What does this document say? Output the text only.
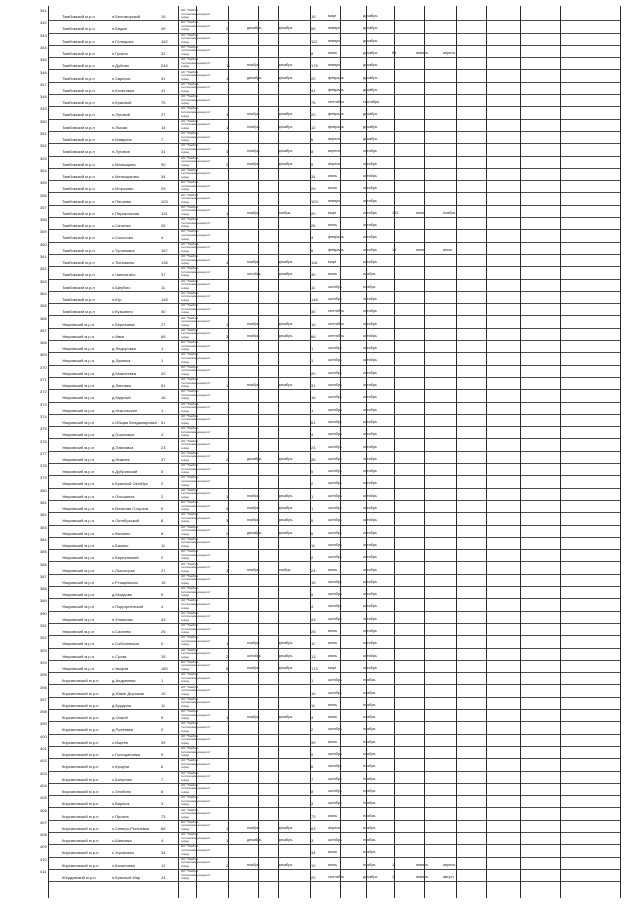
341
Тамбовский м.р-н	п.Беломорский	19
АО "Тамбов
теплокоммунэнерго"
город	19	март	декабрь
342
Тамбовский м.р-н	п.Бидин	49
АО "Тамбов
теплокоммунэнерго"
город	2	декабрь	декабрь	55	январь	декабрь
343
Тамбовский м.р-н	п.Голицына	162
АО "Тамбов
теплокоммунэнерго"
город	112	январь	декабрь
344
Тамбовский м.р-н	п.Гусино	32
АО "Тамбов
теплокоммунэнерго"
город	8	июнь	декабрь	84	январь	апрель
345
Тамбовский м.р-н	п.Дубово	244
АО "Тамбов
теплокоммунэнерго"
город	11	ноябрь	декабрь	176	январь	декабрь
346
Тамбовский м.р-н	п.Заречье	31
АО "Тамбов
теплокоммунэнерго"
город	1	декабрь	декабрь	22	февраль	декабрь
347
Тамбовский м.р-н	п.Кочетовка	41
АО "Тамбов
теплокоммунэнерго"
город	41	февраль	декабрь
348
Тамбовский м.р-н	п.Красный	75
АО "Тамбов
теплокоммунэнерго"
город	75	сентябрь	сентябрь
349
Тамбовский м.р-н	п.Луговой	27
АО "Тамбов
теплокоммунэнерго"
город	3	ноябрь	декабрь	20	февраль	декабрь
350
Тамбовский м.р-н	п.Лысая	14
АО "Тамбов
теплокоммунэнерго"
город	1	ноябрь	декабрь	12	февраль	декабрь
351
Тамбовский м.р-н	п.Маврино	7
АО "Тамбов
теплокоммунэнерго"
город	6	апрель	декабрь
352
Тамбовский м.р-н	п.Луговое	31
АО "Тамбов
теплокоммунэнерго"
город	3	ноябрь	декабрь	8	апрель	октябрь
353
Тамбовский м.р-н	с.Малыщево	90
АО "Тамбов
теплокоммунэнерго"
город	2	ноябрь	декабрь	9	апрель	октябрь
354
Тамбовский м.р-н	с.Меньщиково	34
АО "Тамбов
теплокоммунэнерго"
город	34	июль	октябрь
355
Тамбовский м.р-н	с.Морозово	29
АО "Тамбов
теплокоммунэнерго"
город	29	июль	октябрь
356
Тамбовский м.р-н	п.Пичаево	103
АО "Тамбов
теплокоммунэнерго"
город	103	январь	октябрь
357
Тамбовский м.р-н	с.Перикопская	114
АО "Тамбов
теплокоммунэнерго"
город	1	ноябрь	ноябрь	20	март	октябрь	163	июль	ноябрь
358
Тамбовский м.р-н	с.Сатинка	26
АО "Тамбов
теплокоммунэнерго"
город	26	июль	октябрь
359
Тамбовский м.р-н	с.Соколово	4
АО "Тамбов
теплокоммунэнерго"
город	4	февраль	октябрь
360
Тамбовский м.р-н	с.Тулиновка	167
АО "Тамбов
теплокоммунэнерго"
город	6	февраль	октябрь	16	июль	июль
361
Тамбовский м.р-н	с.Тюльмино	136
АО "Тамбов
теплокоммунэнерго"
город	4	ноябрь	декабрь	116	март	октябрь
362
Тамбовский м.р-н	с.Чаплыгино	37
АО "Тамбов
теплокоммунэнерго"
город	октябрь	декабрь	30	июнь	ноябрь
363
Тамбовский м.р-н	с.Щербач	11
АО "Тамбов
теплокоммунэнерго"
город	11	октябрь	ноябрь
364
Тамбовский м.р-н	п.Юр	148
АО "Тамбов
теплокоммунэнерго"
город	148	октябрь	октябрь
365
Тамбовский м.р-н	с.Кузьмино	30
АО "Тамбов
теплокоммунэнерго"
город	30	сентябрь	октябрь
366
Уваровский м.р-н	с.Березовка	27
АО "Тамбов
теплокоммунэнерго"
город	1	ноябрь	декабрь	10	сентябрь	октябрь
367
Уваровский м.р-н	с.Ивки	66
АО "Тамбов
теплокоммунэнерго"
город	3	ноябрь	декабрь	66	сентябрь	октябрь
368
Уваровский м.р-н	д.Федоровка	1
АО "Тамбов
теплокоммунэнерго"
город	1	октябрь	октябрь
369
Уваровский м.р-н	д.Лукинка	1
АО "Тамбов
теплокоммунэнерго"
город	1	октябрь	октябрь
370
Уваровский м.р-н	д.Моисеевка	20
АО "Тамбов
теплокоммунэнерго"
город	20	октябрь	октябрь
371
Уваровский м.р-н	д.Липовка	61
АО "Тамбов
теплокоммунэнерго"
город	1	ноябрь	декабрь	31	октябрь	октябрь
372
Уваровский м.р-н	д.Мирный	16
АО "Тамбов
теплокоммунэнерго"
город	16	октябрь	октябрь
373
Уваровский м.р-н	д.Никольское	1
АО "Тамбов
теплокоммунэнерго"
город	1	октябрь	октябрь
374
Уваровский м.р-н	с.Общая Владимировка 61
АО "Тамбов
теплокоммунэнерго"
город	61	октябрь	октябрь
375
Уваровский м.р-н	д.Грязновка	4
АО "Тамбов
теплокоммунэнерго"
город	4	октябрь	октябрь
376
Уваровский м.р-н	д.Павловка	23
АО "Тамбов
теплокоммунэнерго"
город	23	октябрь	октябрь
377
Уваровский м.р-н	д.Нижнее	37
АО "Тамбов
теплокоммунэнерго"
город	2	декабрь	декабрь	35	октябрь	октябрь
378
Уваровский м.р-н	п.Дубровский	5
АО "Тамбов
теплокоммунэнерго"
город	5	октябрь	октябрь
379
Уваровский м.р-н	п.Красный Октябрь	2
АО "Тамбов
теплокоммунэнерго"
город	2	октябрь	октябрь
380
Уваровский м.р-н	с.Ольшанка	2
АО "Тамбов
теплокоммунэнерго"
город	1	ноябрь	декабрь	1	октябрь	октябрь
381
Уваровский м.р-н	п.Вольная Сторона	5
АО "Тамбов
теплокоммунэнерго"
город	4	ноябрь	декабрь	1	октябрь	октябрь
382
Уваровский м.р-н	п.Октябрьский	8
АО "Тамбов
теплокоммунэнерго"
город	3	ноябрь	декабрь	5	октябрь	октябрь
383
Уваровский м.р-н	с.Вячкино	8
АО "Тамбов
теплокоммунэнерго"
город	2	декабрь	декабрь	6	октябрь	октябрь
384
Уваровский м.р-н	с.Бакино	11
АО "Тамбов
теплокоммунэнерго"
город	11	октябрь	октябрь
385
Уваровский м.р-н	с.Березовский	2
АО "Тамбов
теплокоммунэнерго"
город	2	октябрь	октябрь
386
Уваровский м.р-н	с.Лысогорье	27
АО "Тамбов
теплокоммунэнерго"
город	3	ноябрь	ноябрь	24	июнь	октябрь
387
Уваровский м.р-н	с.Ртищевская	15
АО "Тамбов
теплокоммунэнерго"
город	15	октябрь	октябрь
388
Уваровский м.р-н	д.Мордово	5
АО "Тамбов
теплокоммунэнерго"
город	5	октябрь	октябрь
389
Уваровский м.р-н	с.Подгорненский	4
АО "Тамбов
теплокоммунэнерго"
город	4	октябрь	октябрь
390
Уваровский м.р-н	п.Ульяново	43
АО "Тамбов
теплокоммунэнерго"
город	43	октябрь	октябрь
391
Уваровский м.р-н	с.Сихнево	26
АО "Тамбов
теплокоммунэнерго"
город	26	июль	октябрь
392
Уваровский м.р-н	с.Соболевское	0
АО "Тамбов
теплокоммунэнерго"
город	1	ноябрь	декабрь	11	июль	октябрь
393
Уваровский м.р-н	с.Сухая	15
АО "Тамбов
теплокоммунэнерго"
город	2	октябрь	декабрь	13	июль	октябрь
394
Уваровский м.р-н	с.Уваров	180
АО "Тамбов
теплокоммунэнерго"
город	6	ноябрь	декабрь	174	март	октябрь
395
Кирсановский м.р-н	д.Андреевка	1
АО "Тамбов
теплокоммунэнерго"
город	1	октябрь	ноябрь
396
Кирсановский м.р-н	д.Юмас Дорожая	10
АО "Тамбов
теплокоммунэнерго"
город	10	октябрь	ноябрь
397
Кирсановский м.р-н	д.Бурдина	11
АО "Тамбов
теплокоммунэнерго"
город	11	июнь	ноябрь
398
Кирсановский м.р-н	д.Семой	5
АО "Тамбов
теплокоммунэнерго"
город	1	ноябрь	декабрь	4	июль	ноябрь
399
Кирсановский м.р-н	д.Рулеевка	2
АО "Тамбов
теплокоммунэнерго"
город	2	октябрь	ноябрь
400
Кирсановский м.р-н	с.Ищеев	39
АО "Тамбов
теплокоммунэнерго"
город	39	июль	ноябрь
401
Кирсановский м.р-н	с.Голощаповка	9
АО "Тамбов
теплокоммунэнерго"
город	9	октябрь	ноябрь
402
Кирсановский м.р-н	с.Кушуни	6
АО "Тамбов
теплокоммунэнерго"
город	6	октябрь	ноябрь
403
Кирсановский м.р-н	с.Калугино	7
АО "Тамбов
теплокоммунэнерго"
город	7	октябрь	ноябрь
404
Кирсановский м.р-н	с.Злобино	8
АО "Тамбов
теплокоммунэнерго"
город	8	октябрь	ноябрь
405
Кирсановский м.р-н	с.Вирюса	3
АО "Тамбов
теплокоммунэнерго"
город	3	октябрь	ноябрь
406
Кирсановский м.р-н	с.Прозна	73
АО "Тамбов
теплокоммунэнерго"
город	73	июль	ноябрь
407
Кирсановский м.р-н	с.Северо-Рогачевка	66
АО "Тамбов
теплокоммунэнерго"
город	1	ноябрь	декабрь	63	апрель	ноябрь
408
Кирсановский м.р-н	с.Шиповка	4
АО "Тамбов
теплокоммунэнерго"
город	1	декабрь	декабрь	3	октябрь	ноябрь
409
Кирсановский м.р-н	с.Угровская	34
АО "Тамбов
теплокоммунэнерго"
город	34	июль	ноябрь
410
Кирсановский м.р-н	с.Калиновка	12
АО "Тамбов
теплокоммунэнерго"
город	2	ноябрь	декабрь	10	июль	ноябрь	1	январь	апрель
411
Жердевский м.р-н	п.Красный Мир	24
АО "Тамбов
теплокоммунэнерго"
город	22	сентябрь	декабрь	1	январь	август
